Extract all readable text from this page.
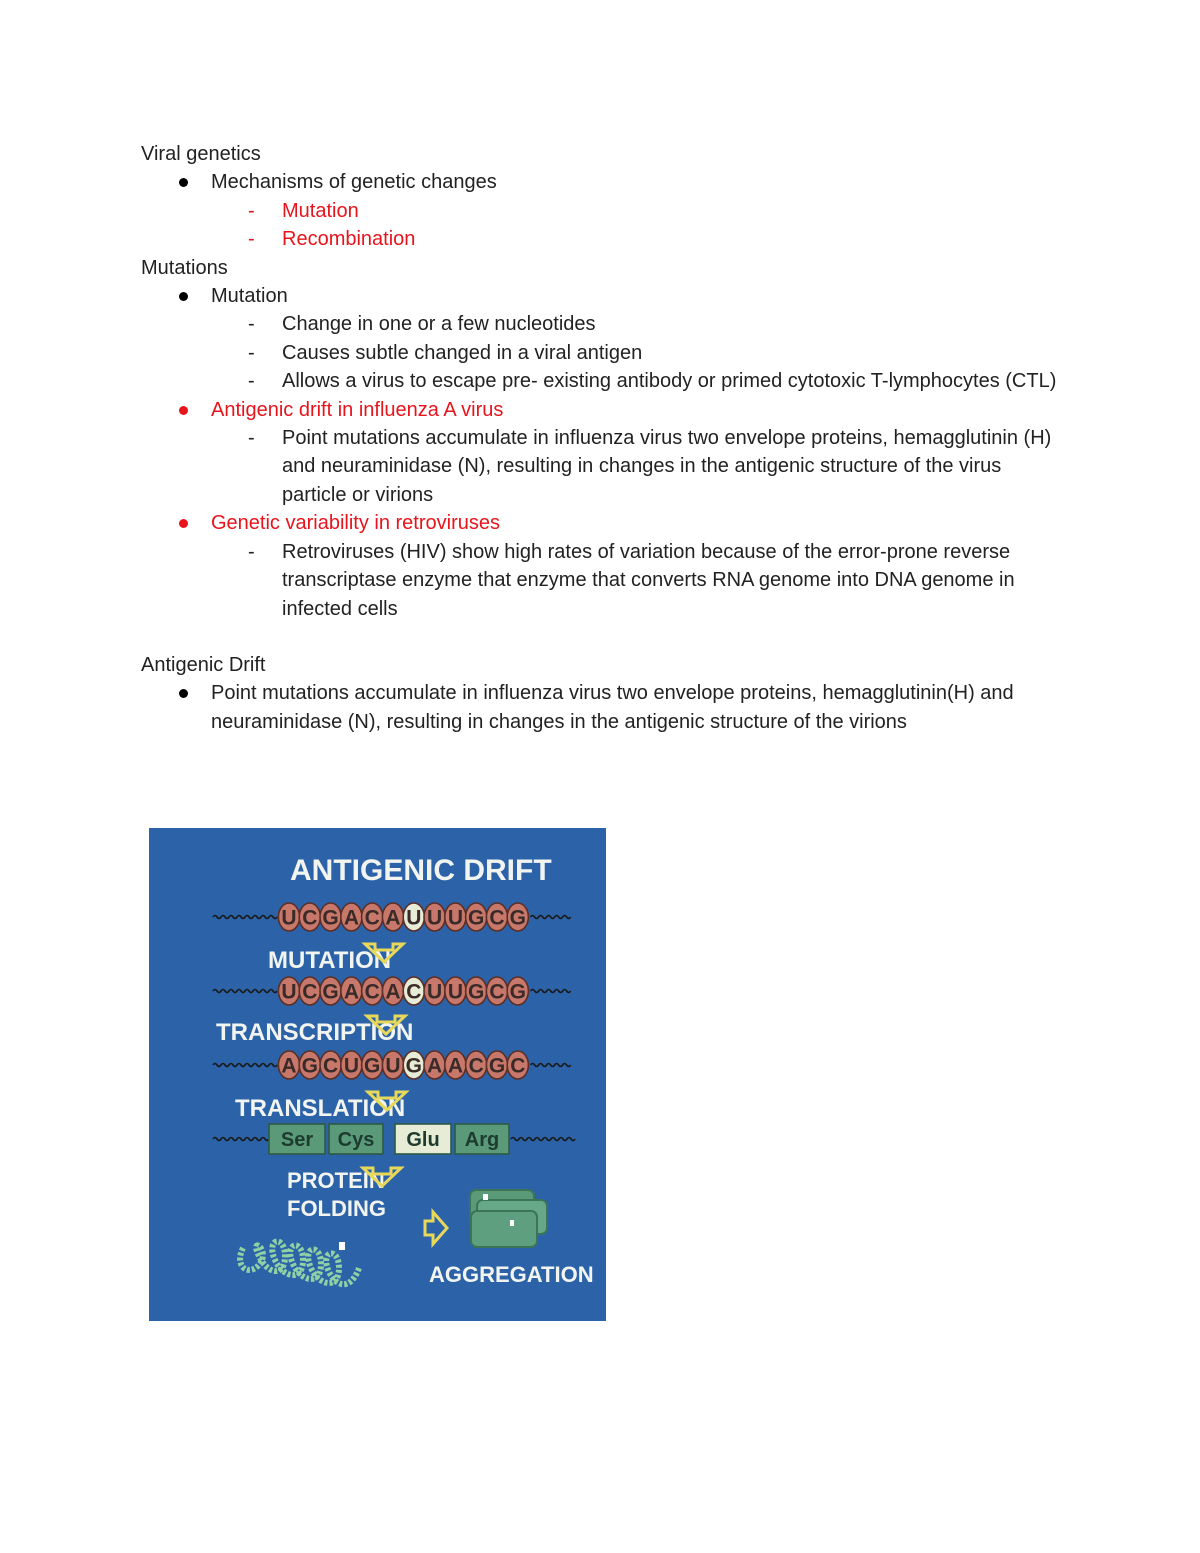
Viral genetics

Mechanisms of genetic changes
- Mutation
- Recombination

Mutations

Mutation
- Change in one or a few nucleotides
- Causes subtle changed in a viral antigen
- Allows a virus to escape pre- existing antibody or primed cytotoxic T-lymphocytes (CTL)
Antigenic drift in influenza A virus
- Point mutations accumulate in influenza virus two envelope proteins, hemagglutinin (H) and neuraminidase (N), resulting in changes in the antigenic structure of the virus particle or virions
Genetic variability in retroviruses
- Retroviruses (HIV) show high rates of variation because of the error-prone reverse transcriptase enzyme that enzyme that converts RNA genome into DNA genome in infected cells

Antigenic Drift

Point mutations accumulate in influenza virus two envelope proteins, hemagglutinin(H) and neuraminidase (N), resulting in changes in the antigenic structure of the virions
ANTIGENIC DRIFT
U C G A C A U U U G C G
MUTATION
U C G A C A C U U G C G
TRANSCRIPTION
A G C U G U G A A C G C
TRANSLATION
Ser Cys Glu Arg
PROTEIN
FOLDING
AGGREGATION
